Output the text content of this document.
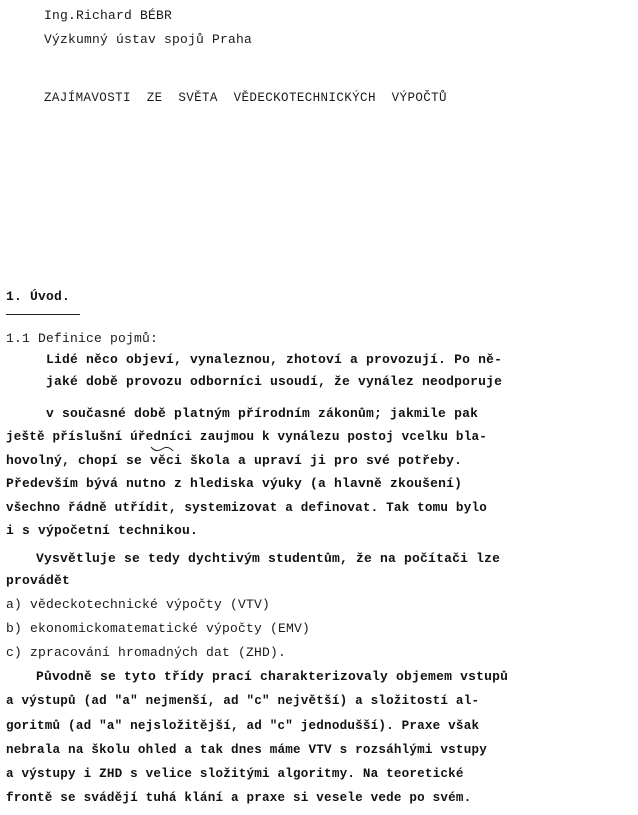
Ing.Richard BÉBR
Výzkumný ústav spojů Praha
ZAJÍMAVOSTI  ZE  SVĚTA  VĚDECKOTECHNICKÝCH  VÝPOČTŮ
1. Úvod.
1.1 Definice pojmů:
Lidé něco objeví, vynaleznou, zhotoví a provozují. Po ně-
jaké době provozu odborníci usoudí, že vynález neodporuje
v současné době platným přírodním zákonům; jakmile pak
ještě příslušní úředníci zaujmou k vynálezu postoj vcelku bla-
hovolný, chopí se věci škola a upraví ji pro své potřeby.
Především bývá nutno z hlediska výuky (a hlavně zkoušení)
všechno řádně utřídit, systemizovat a definovat. Tak tomu bylo
i s výpočetní technikou.
Vysvětluje se tedy dychtivým studentům, že na počítači lze
provádět
a) vědeckotechnické výpočty (VTV)
b) ekonomickomatematické výpočty (EMV)
c) zpracování hromadných dat (ZHD).
Původně se tyto třídy prací charakterizovaly objemem vstupů
a výstupů (ad "a" nejmenší, ad "c" největší) a složitostí al-
goritmů (ad "a" nejsložitější, ad "c" jednodušší). Praxe však
nebrala na školu ohled a tak dnes máme VTV s rozsáhlými vstupy
a výstupy i ZHD s velice složitými algoritmy. Na teoretické
frontě se svádějí tuhá klání a praxe si vesele vede po svém.
